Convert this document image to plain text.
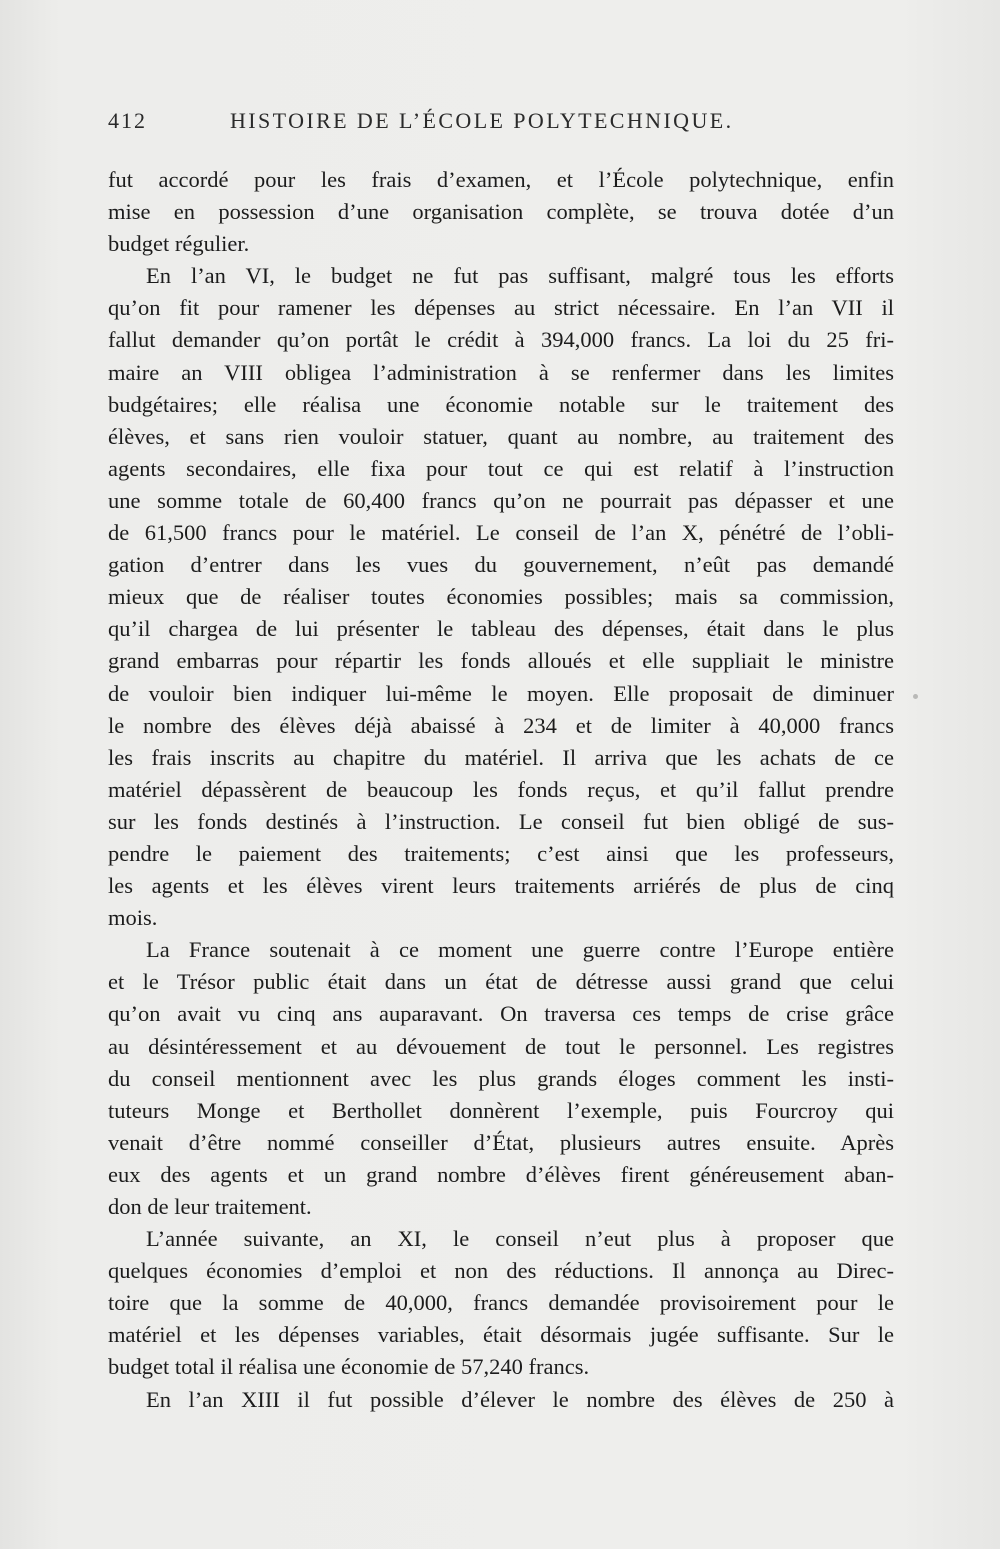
412	HISTOIRE DE L’ÉCOLE POLYTECHNIQUE.
fut accordé pour les frais d’examen, et l’École polytechnique, enfin
mise en possession d’une organisation complète, se trouva dotée d’un
budget régulier.
En l’an VI, le budget ne fut pas suffisant, malgré tous les efforts
qu’on fit pour ramener les dépenses au strict nécessaire. En l’an VII il
fallut demander qu’on portât le crédit à 394,000 francs. La loi du 25 fri-
maire an VIII obligea l’administration à se renfermer dans les limites
budgétaires; elle réalisa une économie notable sur le traitement des
élèves, et sans rien vouloir statuer, quant au nombre, au traitement des
agents secondaires, elle fixa pour tout ce qui est relatif à l’instruction
une somme totale de 60,400 francs qu’on ne pourrait pas dépasser et une
de 61,500 francs pour le matériel. Le conseil de l’an X, pénétré de l’obli-
gation d’entrer dans les vues du gouvernement, n’eût pas demandé
mieux que de réaliser toutes économies possibles; mais sa commission,
qu’il chargea de lui présenter le tableau des dépenses, était dans le plus
grand embarras pour répartir les fonds alloués et elle suppliait le ministre
de vouloir bien indiquer lui-même le moyen. Elle proposait de diminuer
le nombre des élèves déjà abaissé à 234 et de limiter à 40,000 francs
les frais inscrits au chapitre du matériel. Il arriva que les achats de ce
matériel dépassèrent de beaucoup les fonds reçus, et qu’il fallut prendre
sur les fonds destinés à l’instruction. Le conseil fut bien obligé de sus-
pendre le paiement des traitements; c’est ainsi que les professeurs,
les agents et les élèves virent leurs traitements arriérés de plus de cinq
mois.
La France soutenait à ce moment une guerre contre l’Europe entière
et le Trésor public était dans un état de détresse aussi grand que celui
qu’on avait vu cinq ans auparavant. On traversa ces temps de crise grâce
au désintéressement et au dévouement de tout le personnel. Les registres
du conseil mentionnent avec les plus grands éloges comment les insti-
tuteurs Monge et Berthollet donnèrent l’exemple, puis Fourcroy qui
venait d’être nommé conseiller d’État, plusieurs autres ensuite. Après
eux des agents et un grand nombre d’élèves firent généreusement aban-
don de leur traitement.
L’année suivante, an XI, le conseil n’eut plus à proposer que
quelques économies d’emploi et non des réductions. Il annonça au Direc-
toire que la somme de 40,000, francs demandée provisoirement pour le
matériel et les dépenses variables, était désormais jugée suffisante. Sur le
budget total il réalisa une économie de 57,240 francs.
En l’an XIII il fut possible d’élever le nombre des élèves de 250 à
